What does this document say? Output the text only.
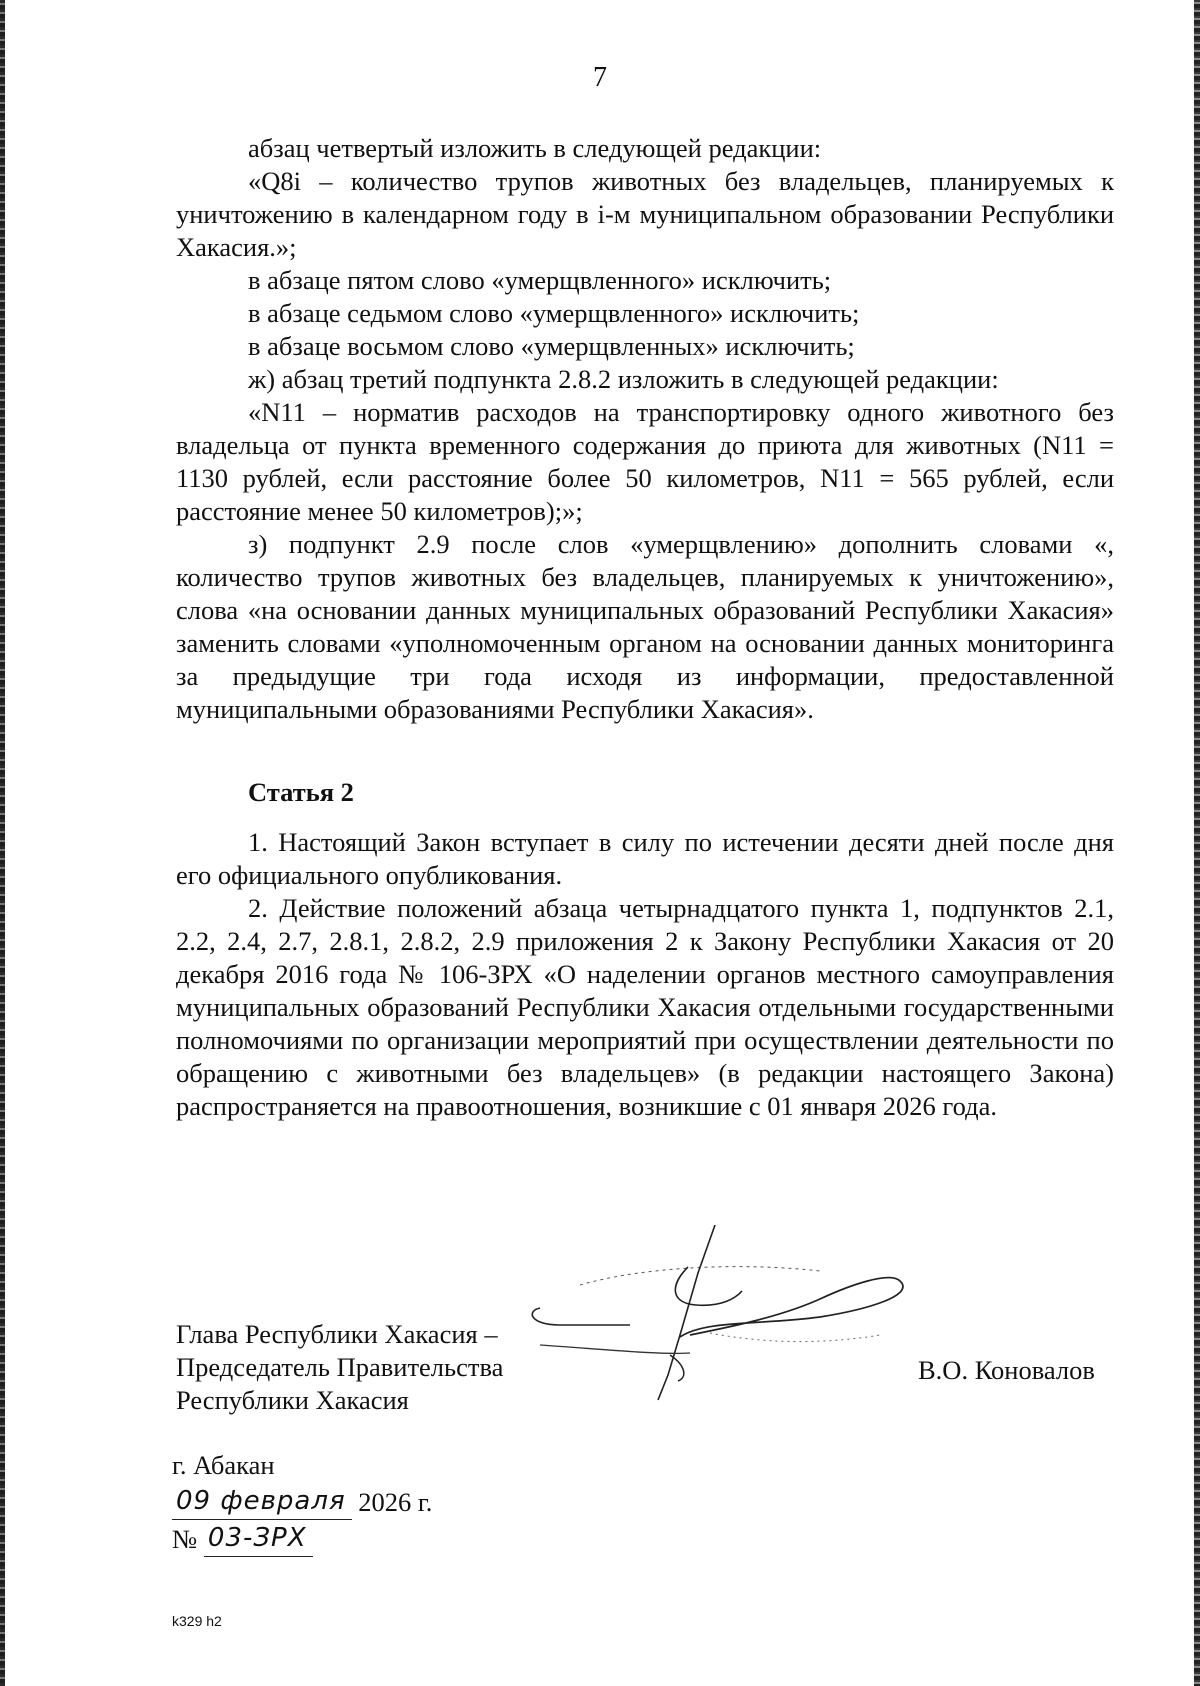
7

абзац четвертый изложить в следующей редакции:

«Q8i – количество трупов животных без владельцев, планируемых к уничтожению в календарном году в i-м муниципальном образовании Республики Хакасия.»;

в абзаце пятом слово «умерщвленного» исключить;

в абзаце седьмом слово «умерщвленного» исключить;

в абзаце восьмом слово «умерщвленных» исключить;

ж) абзац третий подпункта 2.8.2 изложить в следующей редакции:

«N11 – норматив расходов на транспортировку одного животного без владельца от пункта временного содержания до приюта для животных (N11 = 1130 рублей, если расстояние более 50 километров, N11 = 565 рублей, если расстояние менее 50 километров);»;

з) подпункт 2.9 после слов «умерщвлению» дополнить словами «, количество трупов животных без владельцев, планируемых к уничтожению», слова «на основании данных муниципальных образований Республики Хакасия» заменить словами «уполномоченным органом на основании данных мониторинга за предыдущие три года исходя из информации, предоставленной муниципальными образованиями Республики Хакасия».

Статья 2

1. Настоящий Закон вступает в силу по истечении десяти дней после дня его официального опубликования.

2. Действие положений абзаца четырнадцатого пункта 1, подпунктов 2.1, 2.2, 2.4, 2.7, 2.8.1, 2.8.2, 2.9 приложения 2 к Закону Республики Хакасия от 20 декабря 2016 года № 106-ЗРХ «О наделении органов местного самоуправления муниципальных образований Республики Хакасия отдельными государственными полномочиями по организации мероприятий при осуществлении деятельности по обращению с животными без владельцев» (в редакции настоящего Закона) распространяется на правоотношения, возникшие с 01 января 2026 года.

Глава Республики Хакасия –
Председатель Правительства
Республики Хакасия
В.О. Коновалов
г. Абакан
09 февраля 2026 г.
№ 03-ЗРХ
k329 h2
